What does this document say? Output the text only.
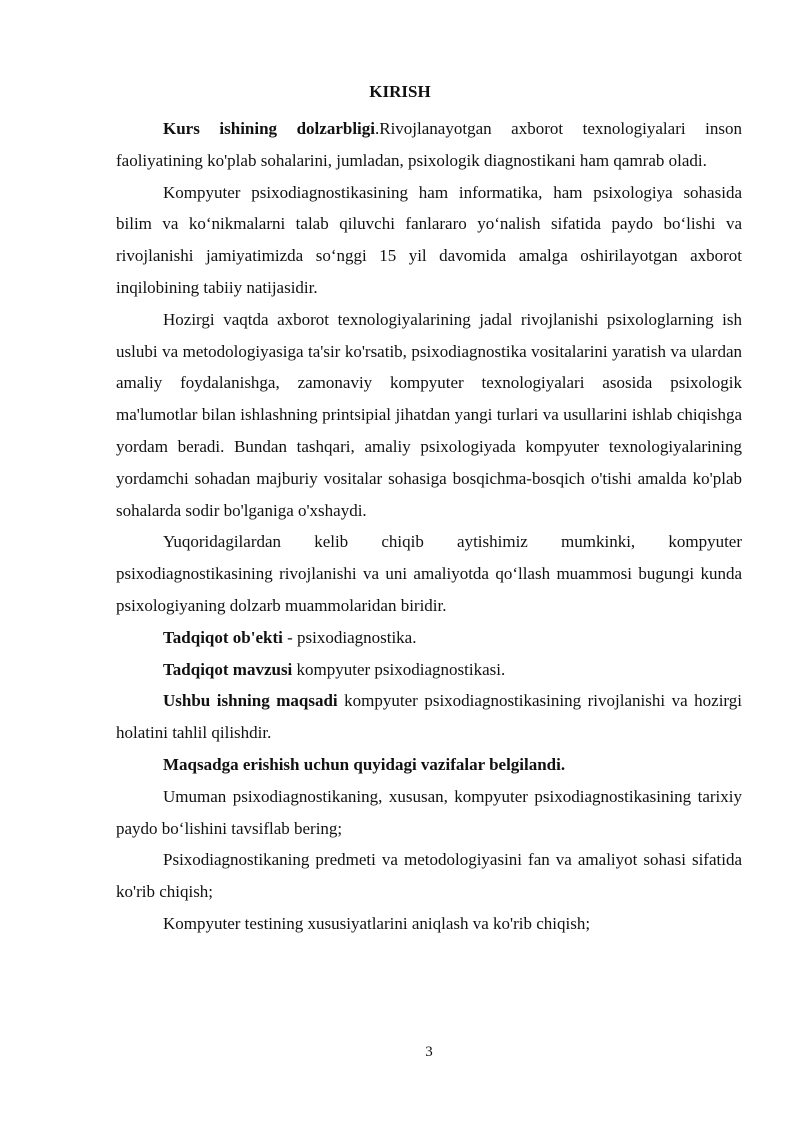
KIRISH

Kurs ishining dolzarbligi.Rivojlanayotgan axborot texnologiyalari inson faoliyatining ko'plab sohalarini, jumladan, psixologik diagnostikani ham qamrab oladi.

Kompyuter psixodiagnostikasining ham informatika, ham psixologiya sohasida bilim va ko‘nikmalarni talab qiluvchi fanlararo yo‘nalish sifatida paydo bo‘lishi va rivojlanishi jamiyatimizda so‘nggi 15 yil davomida amalga oshirilayotgan axborot inqilobining tabiiy natijasidir.

Hozirgi vaqtda axborot texnologiyalarining jadal rivojlanishi psixologlarning ish uslubi va metodologiyasiga ta'sir ko'rsatib, psixodiagnostika vositalarini yaratish va ulardan amaliy foydalanishga, zamonaviy kompyuter texnologiyalari asosida psixologik ma'lumotlar bilan ishlashning printsipial jihatdan yangi turlari va usullarini ishlab chiqishga yordam beradi. Bundan tashqari, amaliy psixologiyada kompyuter texnologiyalarining yordamchi sohadan majburiy vositalar sohasiga bosqichma-bosqich o'tishi amalda ko'plab sohalarda sodir bo'lganiga o'xshaydi.

Yuqoridagilardan kelib chiqib aytishimiz mumkinki, kompyuter psixodiagnostikasining rivojlanishi va uni amaliyotda qo‘llash muammosi bugungi kunda psixologiyaning dolzarb muammolaridan biridir.

Tadqiqot ob'ekti - psixodiagnostika.

Tadqiqot mavzusi kompyuter psixodiagnostikasi.

Ushbu ishning maqsadi kompyuter psixodiagnostikasining rivojlanishi va hozirgi holatini tahlil qilishdir.

Maqsadga erishish uchun quyidagi vazifalar belgilandi.

Umuman psixodiagnostikaning, xususan, kompyuter psixodiagnostikasining tarixiy paydo bo‘lishini tavsiflab bering;

Psixodiagnostikaning predmeti va metodologiyasini fan va amaliyot sohasi sifatida ko'rib chiqish;

Kompyuter testining xususiyatlarini aniqlash va ko'rib chiqish;

3
